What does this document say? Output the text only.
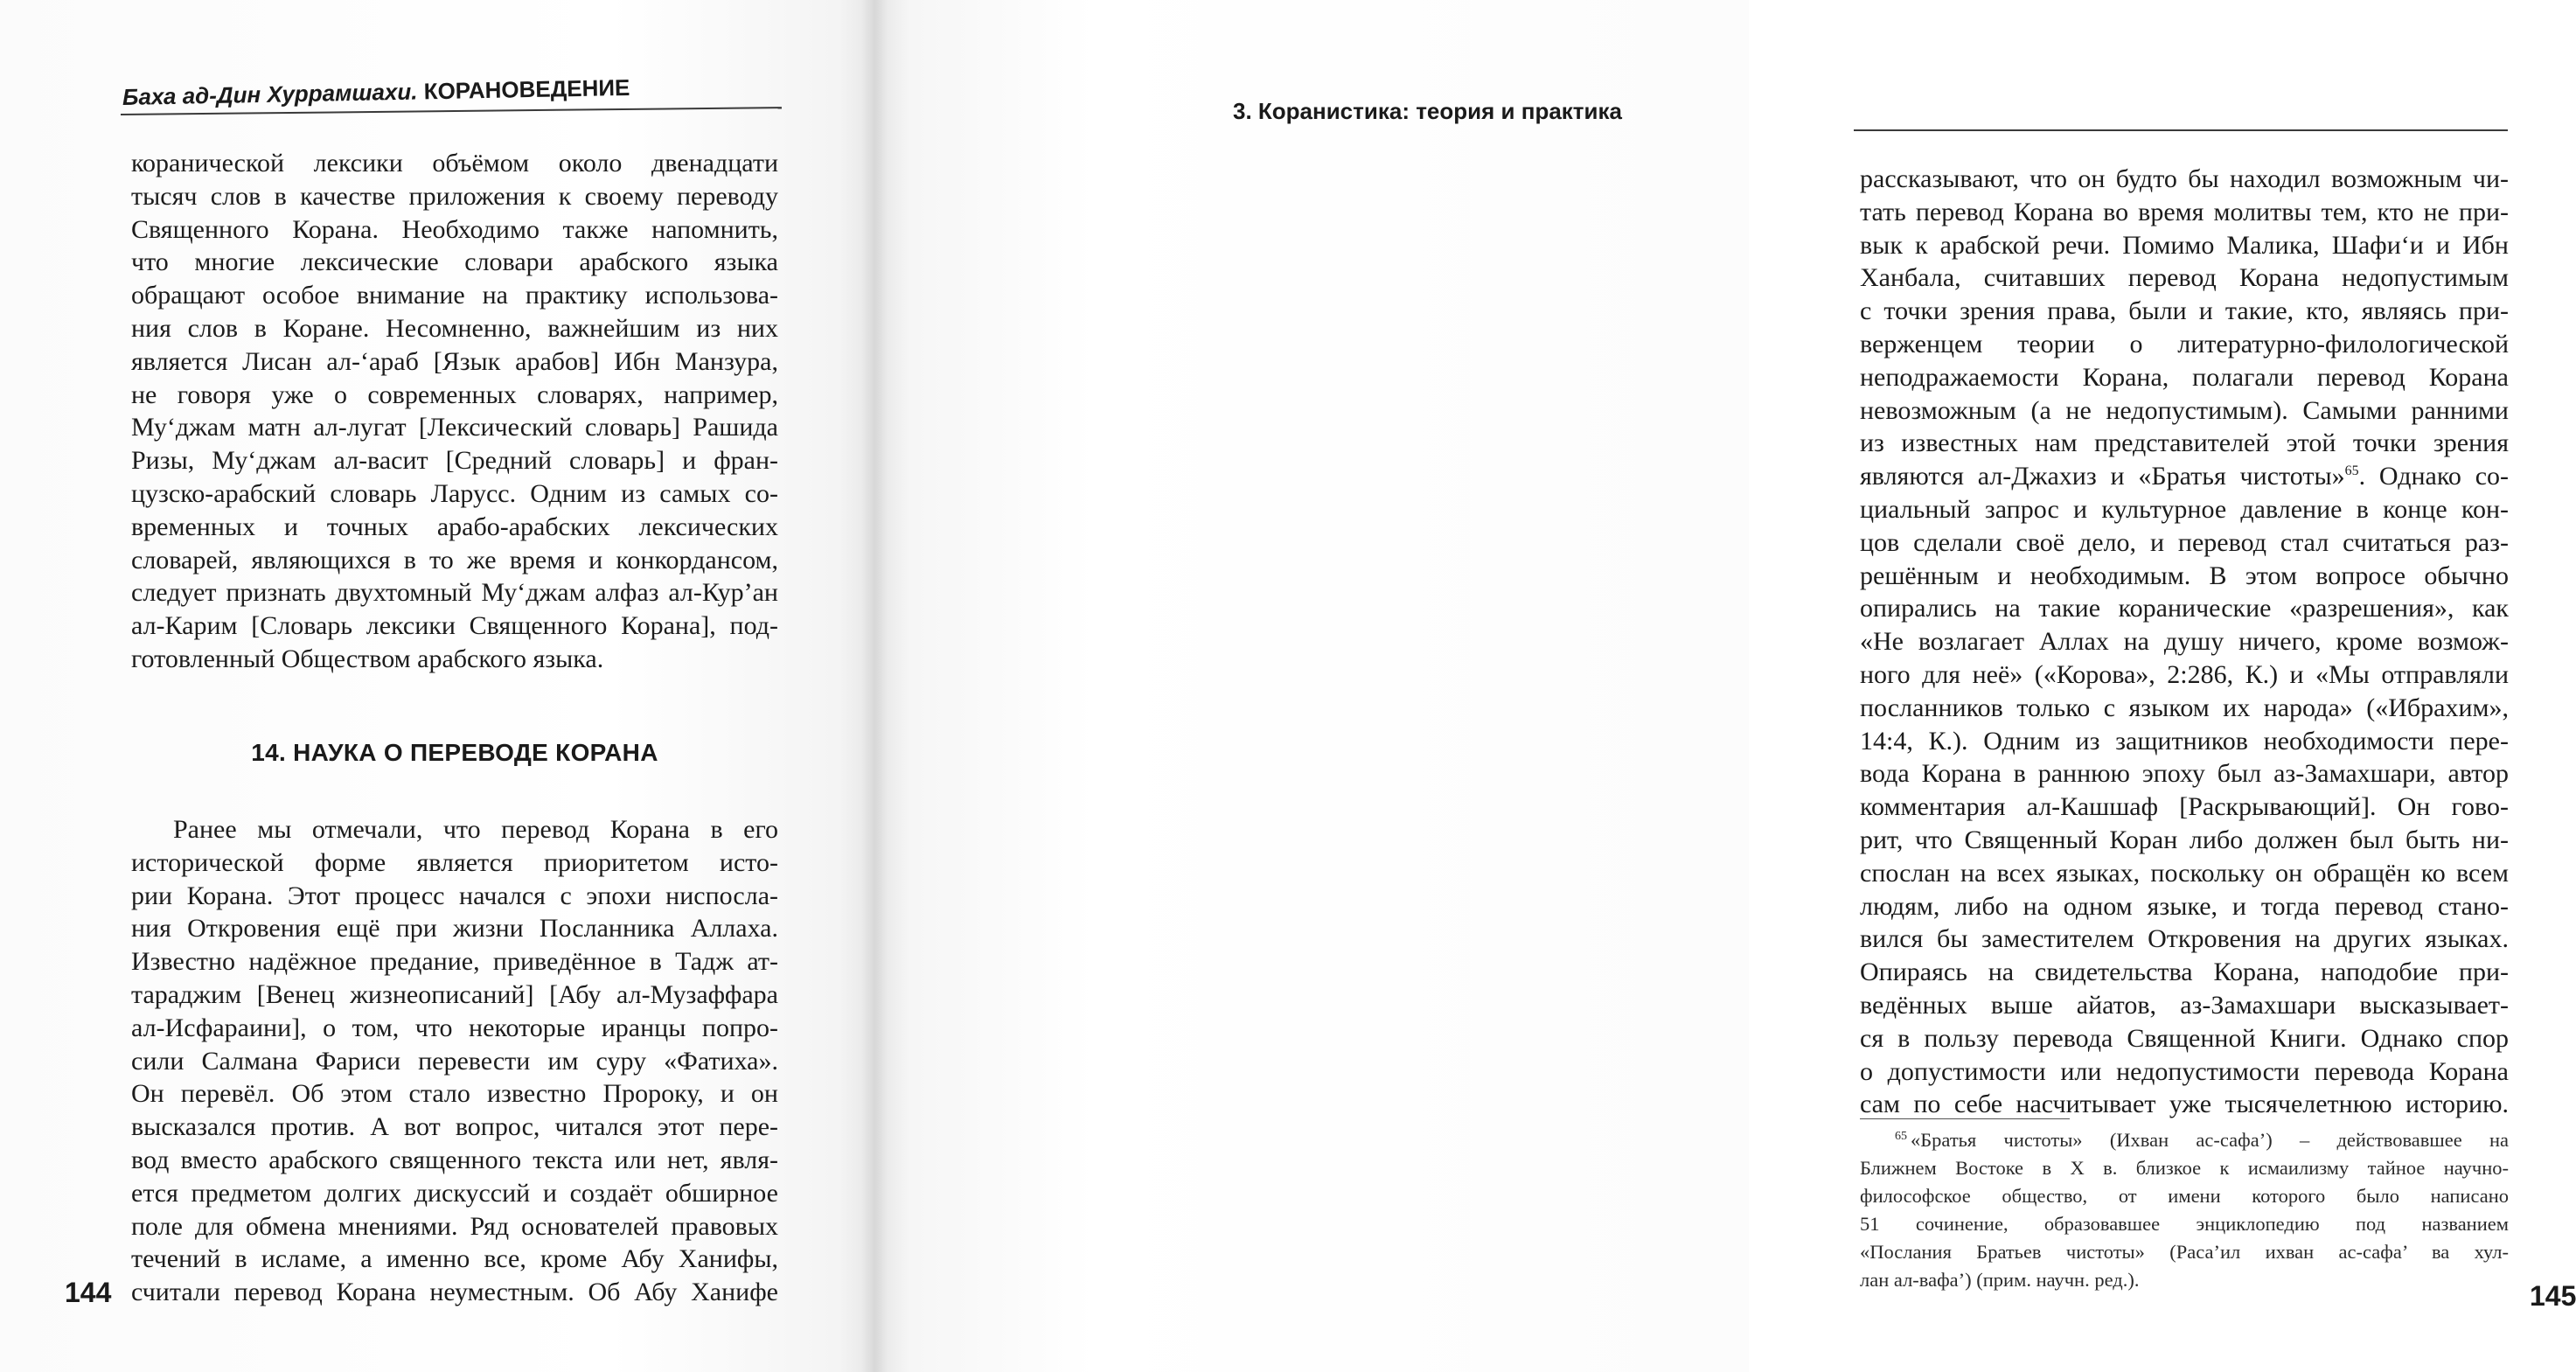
Баха ад-Дин Хуррамшахи. КОРАНОВЕДЕНИЕ
коранической лексики объёмом около двенадцати
тысяч слов в качестве приложения к своему переводу
Священного Корана. Необходимо также напомнить,
что многие лексические словари арабского языка
обращают особое внимание на практику использова-
ния слов в Коране. Несомненно, важнейшим из них
является Лисан ал-‘араб [Язык арабов] Ибн Манзура,
не говоря уже о современных словарях, например,
Му‘джам матн ал-лугат [Лексический словарь] Рашида
Ризы, Му‘джам ал-васит [Средний словарь] и фран-
цузско-арабский словарь Ларусс. Одним из самых со-
временных и точных арабо-арабских лексических
словарей, являющихся в то же время и конкордансом,
следует признать двухтомный Му‘джам алфаз ал-Кур’ан
ал-Карим [Словарь лексики Священного Корана], под-
готовленный Обществом арабского языка.
14. НАУКА О ПЕРЕВОДЕ КОРАНА
Ранее мы отмечали, что перевод Корана в его
исторической форме является приоритетом исто-
рии Корана. Этот процесс начался с эпохи ниспосла-
ния Откровения ещё при жизни Посланника Аллаха.
Известно надёжное предание, приведённое в Тадж ат-
тараджим [Венец жизнеописаний] [Абу ал-Музаффара
ал-Исфараини], о том, что некоторые иранцы попро-
сили Салмана Фариси перевести им суру «Фатиха».
Он перевёл. Об этом стало известно Пророку, и он
высказался против. А вот вопрос, читался этот пере-
вод вместо арабского священного текста или нет, явля-
ется предметом долгих дискуссий и создаёт обширное
поле для обмена мнениями. Ряд основателей правовых
течений в исламе, а именно все, кроме Абу Ханифы,
считали перевод Корана неуместным. Об Абу Ханифе
144
3. Коранистика: теория и практика
рассказывают, что он будто бы находил возможным чи-
тать перевод Корана во время молитвы тем, кто не при-
вык к арабской речи. Помимо Малика, Шафи‘и и Ибн
Ханбала, считавших перевод Корана недопустимым
с точки зрения права, были и такие, кто, являясь при-
верженцем теории о литературно-филологической
неподражаемости Корана, полагали перевод Корана
невозможным (а не недопустимым). Самыми ранними
из известных нам представителей этой точки зрения
являются ал-Джахиз и «Братья чистоты»$^{65}$. Однако со-
циальный запрос и культурное давление в конце кон-
цов сделали своё дело, и перевод стал считаться раз-
решённым и необходимым. В этом вопросе обычно
опирались на такие коранические «разрешения», как
«Не возлагает Аллах на душу ничего, кроме возмож-
ного для неё» («Корова», 2:286, К.) и «Мы отправляли
посланников только с языком их народа» («Ибрахим»,
14:4, К.). Одним из защитников необходимости пере-
вода Корана в раннюю эпоху был аз-Замахшари, автор
комментария ал-Кашшаф [Раскрывающий]. Он гово-
рит, что Священный Коран либо должен был быть ни-
спослан на всех языках, поскольку он обращён ко всем
людям, либо на одном языке, и тогда перевод стано-
вился бы заместителем Откровения на других языках.
Опираясь на свидетельства Корана, наподобие при-
ведённых выше айатов, аз-Замахшари высказывает-
ся в пользу перевода Священной Книги. Однако спор
о допустимости или недопустимости перевода Корана
сам по себе насчитывает уже тысячелетнюю историю.
$^{65}$ «Братья чистоты» (Ихван ас-сафа’) – действовавшее на
Ближнем Востоке в X в. близкое к исмаилизму тайное научно-
философское общество, от имени которого было написано
51 сочинение, образовавшее энциклопедию под названием
«Послания Братьев чистоты» (Раса’ил ихван ас-сафа’ ва хул-
лан ал-вафа’) (прим. научн. ред.).
145
